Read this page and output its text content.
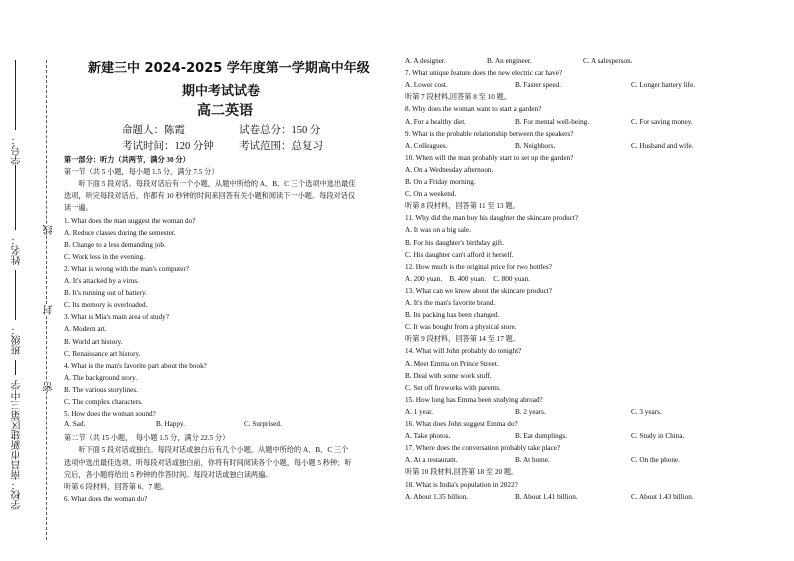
学号：
姓名：
班级：
学校：南昌市新建区第三中学
线
封
密
新建三中 2024-2025 学年度第一学期高中年级
期中考试试卷
高二英语
命题人：陈霞	试卷总分：150 分
考试时间：120 分钟 考试范围：总复习
第一部分：听力（共两节，满分 30 分）
第一节（共 5 小题，每小题 1.5 分，满分 7.5 分）
　　听下面 5 段对话。每段对话后有一个小题，从题中所给的 A、B、C 三个选项中选出最佳
选项，听完每段对话后，你都有 10 秒钟的时间来回答有关小题和阅读下一小题。每段对话仅
读一遍。
1. What does the man suggest the woman do?
A. Reduce classes during the semester.
B. Change to a less demanding job.
C. Work less in the evening.
2. What is wrong with the man's computer?
A. It's attacked by a virus.
B. It's running out of battery.
C. Its memory is overloaded.
3. What is Mia's main area of study?
A. Modern art.
B. World art history.
C. Renaissance art history.
4. What is the man's favorite part about the book?
A. The background story.
B. The various storylines.
C. The complex characters.
5. How does the woman sound?
第二节（共 15 小题，　每小题 1.5 分，满分 22.5 分）
　　听下面 5 段对话或独白。每段对话或独白后有几个小题，从题中所给的 A、B、C 三个
选项中选出最佳选项。听每段对话或独白前，你将有时间阅读各个小题，每小题 5 秒钟；听
完后，各小题将给出 5 秒钟的作答时间。每段对话或独白读两遍。
听第 6 段材料，回答第 6、7 题。
6. What does the woman do?
A. Sad.	B. Happy.	C. Surprised.
A. A designer.	B. An engineer.	C. A salesperson.
7. What unique feature does the new electric car have?
A. Lower cost.	B. Faster speed.	C. Longer battery life.
听第 7 段材料,回答第 8 至 10 题。
8. Why does the woman want to start a garden?
A. For a healthy diet.	B. For mental well-being.	C. For saving money.
9. What is the probable relationship between the speakers?
A. Colleagues.	B. Neighbors.	C. Husband and wife.
10. When will the man probably start to set up the garden?
A. On a Wednesday afternoon.
B. On a Friday morning.
C. On a weekend.
听第 8 段材料，回答第 11 至 13 题。
11. Why did the man buy his daughter the skincare product?
A. It was on a big sale.
B. For his daughter's birthday gift.
C. His daughter can't afford it herself.
12. How much is the original price for two bottles?
A. 200 yuan.　B. 400 yuan.　C. 800 yuan.
13. What can we know about the skincare product?
A. It's the man's favorite brand.
B. Its packing has been changed.
C. It was bought from a physical store.
听第 9 段材料，回答第 14 至 17 题。
14. What will John probably do tonight?
A. Meet Emma on Prince Street.
B. Deal with some work stuff.
C. Set off fireworks with parents.
15. How long has Emma been studying abroad?
A. 1 year.	B. 2 years.	C. 3 years.
16. What does John suggest Emma do?
A. Take photos.	B. Eat dumplings.	C. Study in China.
17. Where does the conversation probably take place?
A. At a restaurant.	B. At home.	C. On the phone.
听第 10 段材料,回答第 18 至 20 题。
18. What is India's population in 2022?
A. About 1.35 billion.	B. About 1.41 billion.	C. About 1.43 billion.
